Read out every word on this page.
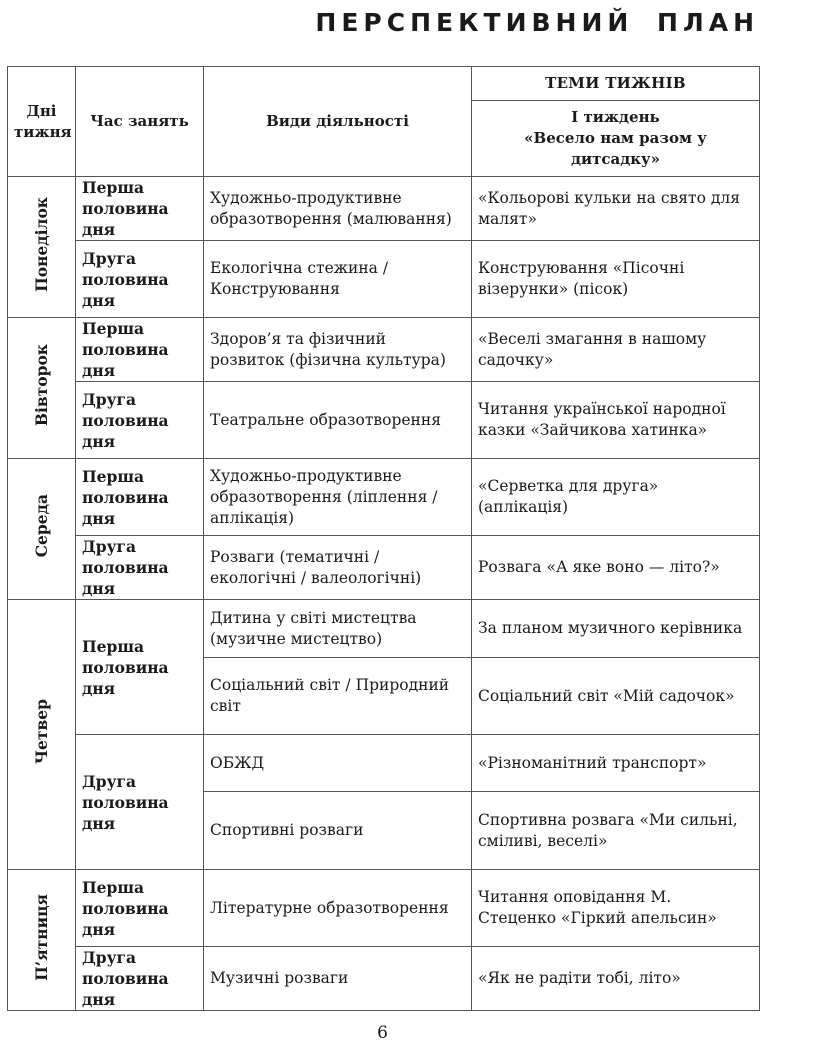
ПЕРСПЕКТИВНИЙ ПЛАН
Дні тижня	Час занять	Види діяльності	ТЕМИ ТИЖНІВ

			І тиждень
«Весело нам разом у дитсадку»

Понеділок	Перша половина дня	Художньо-продуктивне образотворення (малювання)	«Кольорові кульки на свято для малят»
	Друга половина дня	Екологічна стежина / Конструювання	Конструювання «Пісочні візерунки» (пісок)
Вівторок	Перша половина дня	Здоров’я та фізичний розвиток (фізична культура)	«Веселі змагання в нашому садочку»
	Друга половина дня	Театральне образотворення	Читання української народної казки «Зайчикова хатинка»
Середа	Перша половина дня	Художньо-продуктивне образотворення (ліплення / аплікація)	«Серветка для друга» (аплікація)
	Друга половина дня	Розваги (тематичні / екологічні / валеологічні)	Розвага «А яке воно — літо?»
Четвер	Перша половина дня	Дитина у світі мистецтва (музичне мистецтво)	За планом музичного керівника
		Соціальний світ / Природний світ	Соціальний світ «Мій садочок»
	Друга половина дня	ОБЖД	«Різноманітний транспорт»
		Спортивні розваги	Спортивна розвага «Ми сильні, сміливі, веселі»
П’ятниця	Перша половина дня	Літературне образотворення	Читання оповідання М. Стеценко «Гіркий апельсин»
	Друга половина дня	Музичні розваги	«Як не радіти тобі, літо»
6
